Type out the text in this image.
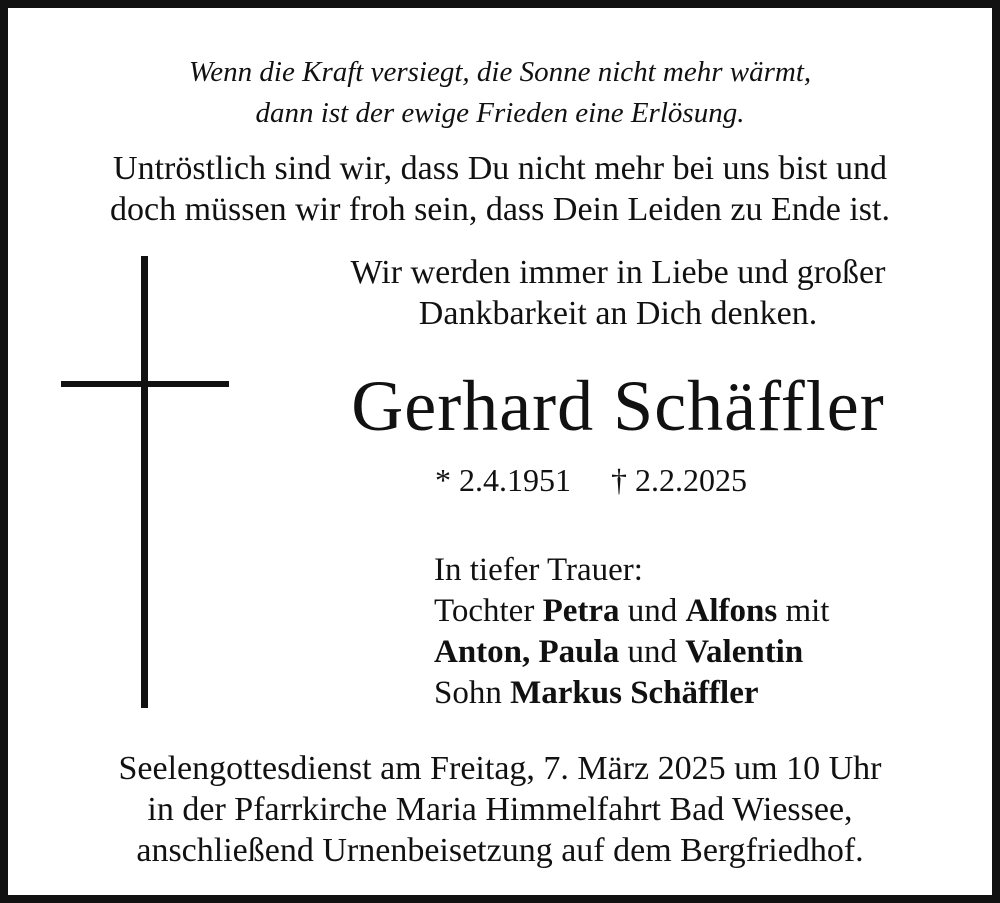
Wenn die Kraft versiegt, die Sonne nicht mehr wärmt,
dann ist der ewige Frieden eine Erlösung.

Untröstlich sind wir, dass Du nicht mehr bei uns bist und
doch müssen wir froh sein, dass Dein Leiden zu Ende ist.

Wir werden immer in Liebe und großer
Dankbarkeit an Dich denken.

Gerhard Schäffler

* 2.4.1951 † 2.2.2025

In tiefer Trauer:
Tochter Petra und Alfons mit
Anton, Paula und Valentin
Sohn Markus Schäffler

Seelengottesdienst am Freitag, 7. März 2025 um 10 Uhr
in der Pfarrkirche Maria Himmelfahrt Bad Wiessee,
anschließend Urnenbeisetzung auf dem Bergfriedhof.
